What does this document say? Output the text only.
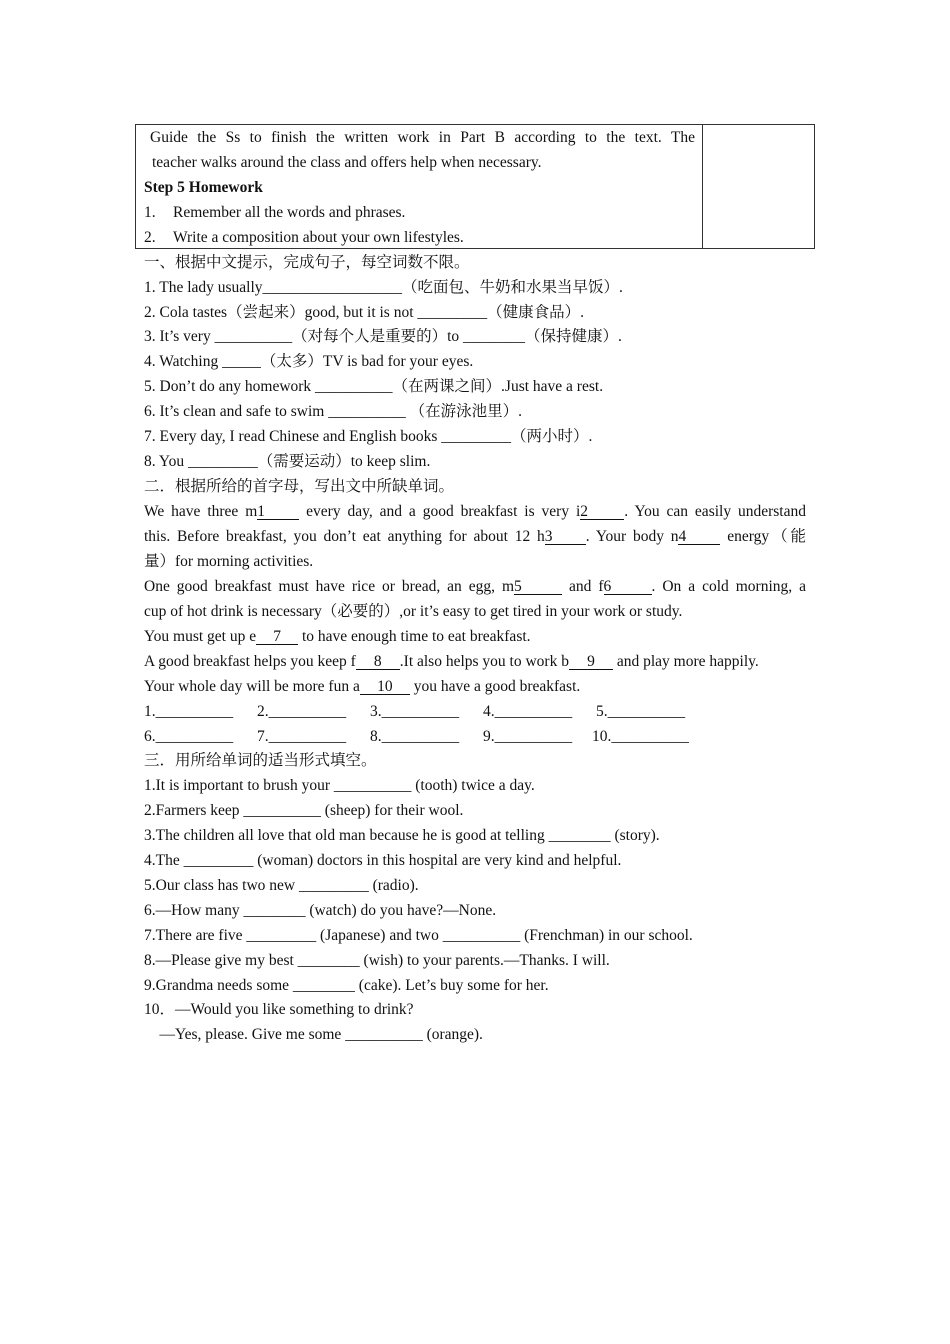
Guide the Ss to finish the written work in Part B according to the text. The
teacher walks around the class and offers help when necessary.
Step 5 Homework
1. Remember all the words and phrases.
2. Write a composition about your own lifestyles.
一、根据中文提示，完成句子，每空词数不限。
1. The lady usually__________________（吃面包、牛奶和水果当早饭）.
2. Cola tastes（尝起来）good, but it is not _________（健康食品）.
3. It’s very __________（对每个人是重要的）to ________（保持健康）.
4. Watching _____（太多）TV is bad for your eyes.
5. Don’t do any homework __________（在两课之间）.Just have a rest.
6. It’s clean and safe to swim __________ （在游泳池里）.
7. Every day, I read Chinese and English books _________（两小时）.
8. You _________（需要运动）to keep slim.
二．根据所给的首字母，写出文中所缺单词。
We have three m1 every day, and a good breakfast is very i2 . You can easily understand
this. Before breakfast, you don’t eat anything for about 12 h3 . Your body n4 energy（能
量）for morning activities.
One good breakfast must have rice or bread, an egg, m5	and f6	. On a cold morning, a
cup of hot drink is necessary（必要的）,or it’s easy to get tired in your work or study.
You must get up e 7 to have enough time to eat breakfast.
A good breakfast helps you keep f 8 .It also helps you to work b 9 and play more happily.
Your whole day will be more fun a 10 you have a good breakfast.
1.__________ 2.__________ 3.__________ 4.__________ 5.__________
6.__________ 7.__________ 8.__________ 9.__________ 10.__________
三．用所给单词的适当形式填空。
1.It is important to brush your __________ (tooth) twice a day.
2.Farmers keep __________ (sheep) for their wool.
3.The children all love that old man because he is good at telling ________ (story).
4.The _________ (woman) doctors in this hospital are very kind and helpful.
5.Our class has two new _________ (radio).
6.—How many ________ (watch) do you have?—None.
7.There are five _________ (Japanese) and two __________ (Frenchman) in our school.
8.—Please give my best ________ (wish) to your parents.—Thanks. I will.
9.Grandma needs some ________ (cake). Let’s buy some for her.
10．—Would you like something to drink?
—Yes, please. Give me some __________ (orange).
